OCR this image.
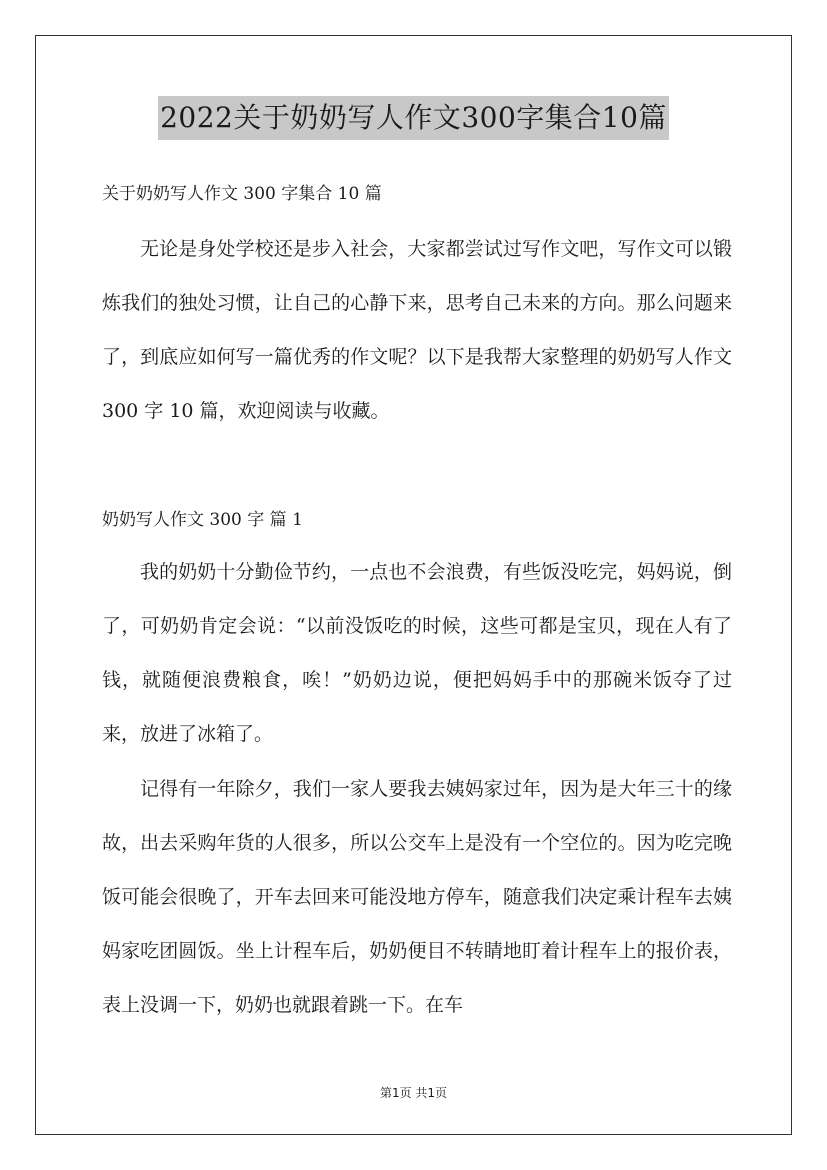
2022关于奶奶写人作文300字集合10篇
关于奶奶写人作文 300 字集合 10 篇

无论是身处学校还是步入社会，大家都尝试过写作文吧，写作文可以锻炼我们的独处习惯，让自己的心静下来，思考自己未来的方向。那么问题来了，到底应如何写一篇优秀的作文呢？以下是我帮大家整理的奶奶写人作文 300 字 10 篇，欢迎阅读与收藏。

奶奶写人作文 300 字 篇 1

我的奶奶十分勤俭节约，一点也不会浪费，有些饭没吃完，妈妈说，倒了，可奶奶肯定会说：“以前没饭吃的时候，这些可都是宝贝，现在人有了钱，就随便浪费粮食，唉！”奶奶边说，便把妈妈手中的那碗米饭夺了过来，放进了冰箱了。

记得有一年除夕，我们一家人要我去姨妈家过年，因为是大年三十的缘故，出去采购年货的人很多，所以公交车上是没有一个空位的。因为吃完晚饭可能会很晚了，开车去回来可能没地方停车，随意我们决定乘计程车去姨妈家吃团圆饭。坐上计程车后，奶奶便目不转睛地盯着计程车上的报价表，表上没调一下，奶奶也就跟着跳一下。在车

第1页 共1页
